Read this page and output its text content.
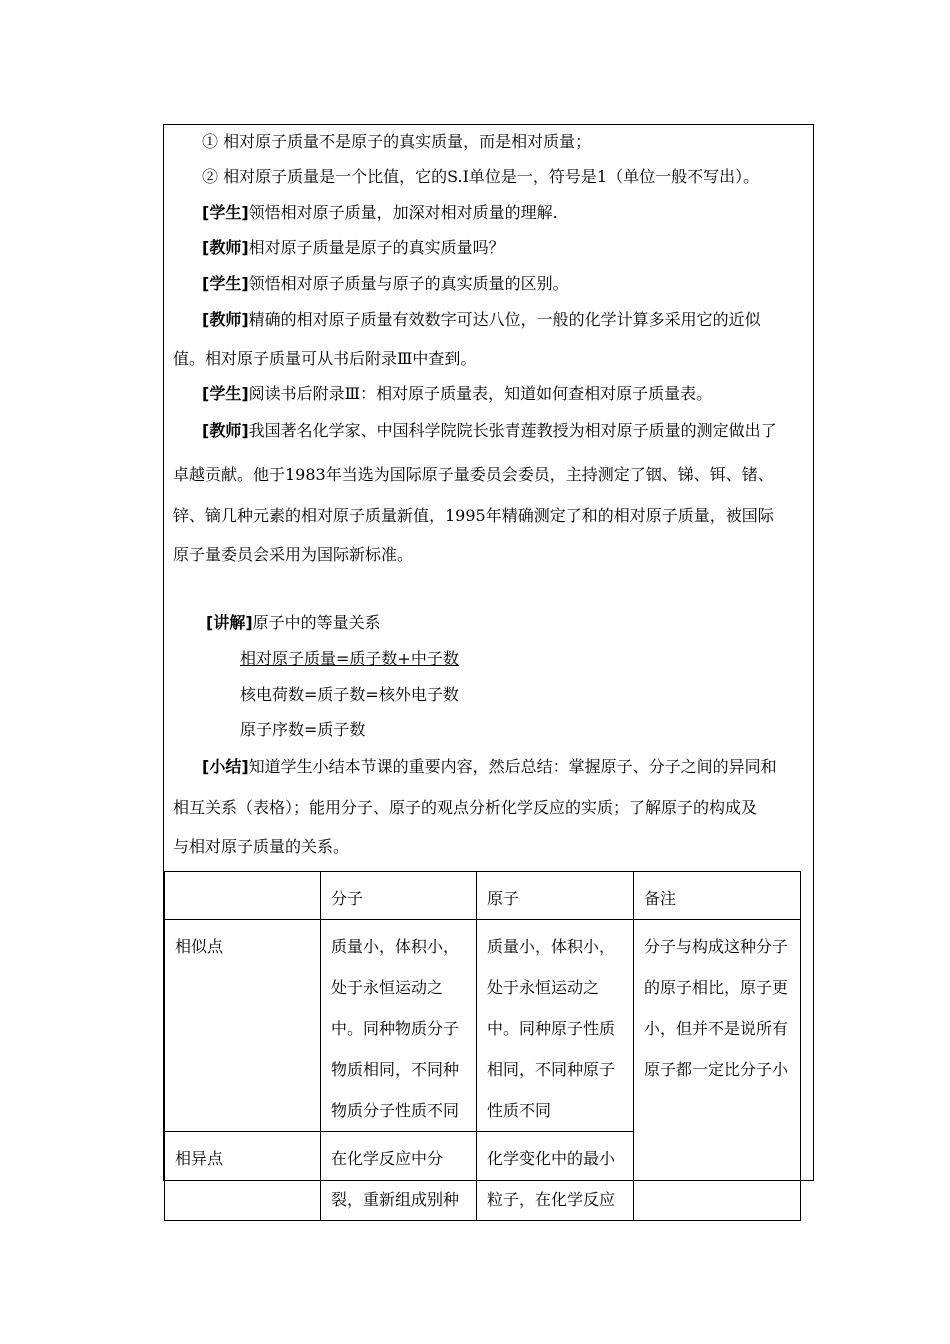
① 相对原子质量不是原子的真实质量，而是相对质量；
② 相对原子质量是一个比值，它的S.I单位是一，符号是1（单位一般不写出）。
[学生]领悟相对原子质量，加深对相对质量的理解.
[教师]相对原子质量是原子的真实质量吗？
[学生]领悟相对原子质量与原子的真实质量的区别。
[教师]精确的相对原子质量有效数字可达八位，一般的化学计算多采用它的近似
值。相对原子质量可从书后附录Ⅲ中查到。
[学生]阅读书后附录Ⅲ：相对原子质量表，知道如何查相对原子质量表。
[教师]我国著名化学家、中国科学院院长张青莲教授为相对原子质量的测定做出了
卓越贡献。他于1983年当选为国际原子量委员会委员，主持测定了铟、锑、铒、锗、
锌、镝几种元素的相对原子质量新值，1995年精确测定了和的相对原子质量，被国际
原子量委员会采用为国际新标准。
[讲解]原子中的等量关系
相对原子质量=质子数+中子数
核电荷数=质子数=核外电子数
原子序数=质子数
[小结]知道学生小结本节课的重要内容，然后总结：掌握原子、分子之间的异同和
相互关系（表格）；能用分子、原子的观点分析化学反应的实质；了解原子的构成及
与相对原子质量的关系。
	分子	原子	备注

相似点	质量小，体积小，处于永恒运动之中。同种物质分子物质相同，不同种物质分子性质不同	质量小，体积小，处于永恒运动之中。同种原子性质相同，不同种原子性质不同	分子与构成这种分子的原子相比，原子更小，但并不是说所有原子都一定比分子小

相异点	在化学反应中分裂，重新组成别种	化学变化中的最小粒子，在化学反应	
